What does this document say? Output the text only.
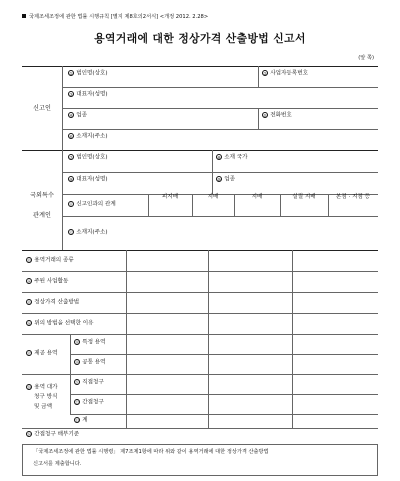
국제조세조정에 관한 법률 시행규칙 [별지 제8호의2서식] <개정 2012. 2.28>
용역거래에 대한 정상가격 산출방법 신고서
(앞 쪽)
신고인
① 법인명(상호)	② 사업자등록번호
③ 대표자(성명)
④ 업종	⑤ 전화번호
⑥ 소재지(주소)
국외특수
관계인
⑦ 법인명(상호)	⑧ 소재 국가
⑨ 대표자(성명)	⑩ 업종
⑪ 신고인과의 관계
피지배	지배	지배	실질 지배	본점 · 지점 등
⑫ 소재지(주소)
⑬ 용역거래의 종류
⑭ 주된 사업활동
⑮ 정상가격 산출방법
⑯ 위의 방법을 선택한 이유
⑰ 제공 용역
⑱ 특정 용역
⑲ 공통 용역
⑳ 용역 대가
청구 방식
및 금액
㉑ 직접청구
㉒ 간접청구
㉓ 계
㉔ 간접청구 배부기준
「국제조세조정에 관한 법률 시행령」 제7조제1항에 따라 위와 같이 용역거래에 대한 정상가격 산출방법
신고서를 제출합니다.
